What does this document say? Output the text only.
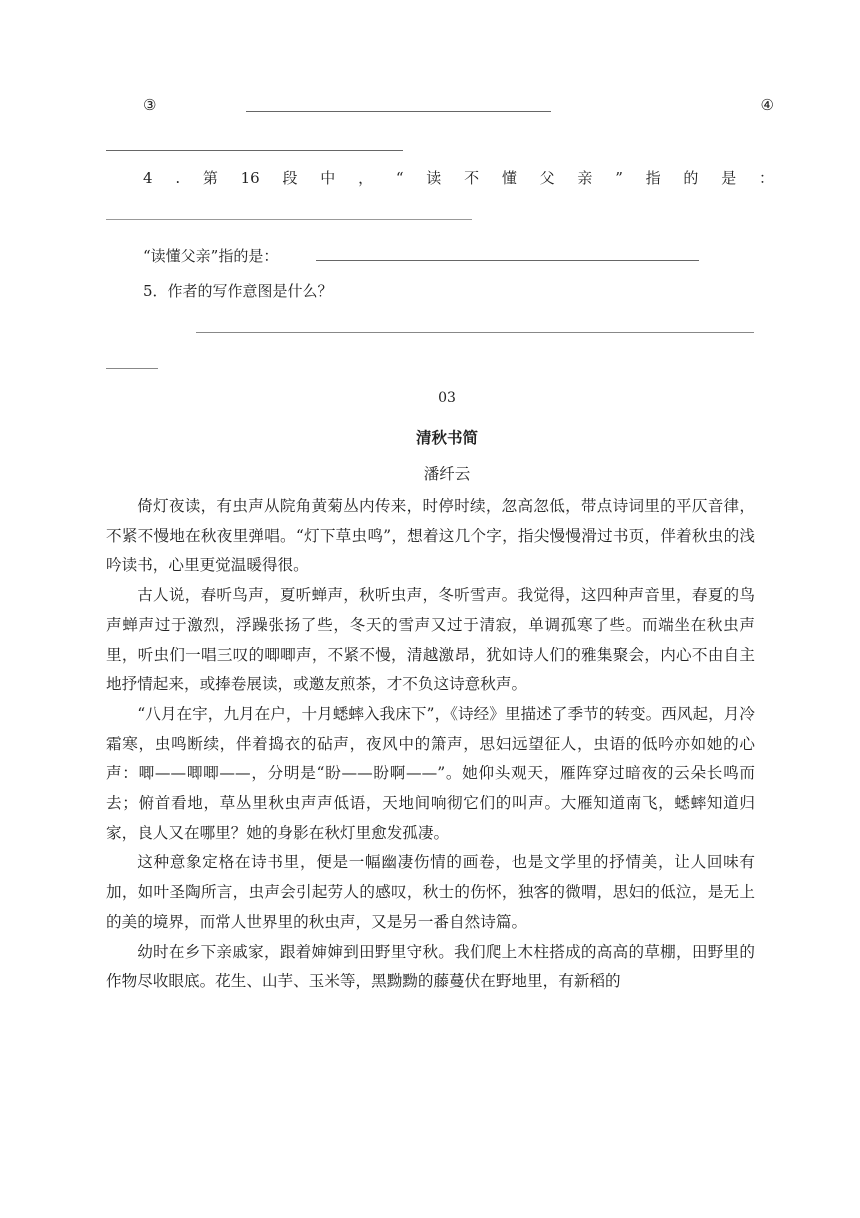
③	④
4 . 第 16 段 中 ， “ 读 不 懂 父 亲 ” 指 的 是 ：
“读懂父亲”指的是：
5．作者的写作意图是什么？
03
清秋书简
潘纤云

倚灯夜读，有虫声从院角黄菊丛内传来，时停时续，忽高忽低，带点诗词里的平仄音律，不紧不慢地在秋夜里弹唱。“灯下草虫鸣”，想着这几个字，指尖慢慢滑过书页，伴着秋虫的浅吟读书，心里更觉温暖得很。

古人说，春听鸟声，夏听蝉声，秋听虫声，冬听雪声。我觉得，这四种声音里，春夏的鸟声蝉声过于激烈，浮躁张扬了些，冬天的雪声又过于清寂，单调孤寒了些。而端坐在秋虫声里，听虫们一唱三叹的唧唧声，不紧不慢，清越激昂，犹如诗人们的雅集聚会，内心不由自主地抒情起来，或捧卷展读，或邀友煎茶，才不负这诗意秋声。

“八月在宇，九月在户，十月蟋蟀入我床下”，《诗经》里描述了季节的转变。西风起，月冷霜寒，虫鸣断续，伴着捣衣的砧声，夜风中的箫声，思妇远望征人，虫语的低吟亦如她的心声：唧——唧唧——，分明是“盼——盼啊——”。她仰头观天，雁阵穿过暗夜的云朵长鸣而去；俯首看地，草丛里秋虫声声低语，天地间响彻它们的叫声。大雁知道南飞，蟋蟀知道归家，良人又在哪里？她的身影在秋灯里愈发孤凄。

这种意象定格在诗书里，便是一幅幽凄伤情的画卷，也是文学里的抒情美，让人回味有加，如叶圣陶所言，虫声会引起劳人的感叹，秋士的伤怀，独客的微喟，思妇的低泣，是无上的美的境界，而常人世界里的秋虫声，又是另一番自然诗篇。

幼时在乡下亲戚家，跟着婶婶到田野里守秋。我们爬上木柱搭成的高高的草棚，田野里的作物尽收眼底。花生、山芋、玉米等，黑黝黝的藤蔓伏在野地里，有新稻的
